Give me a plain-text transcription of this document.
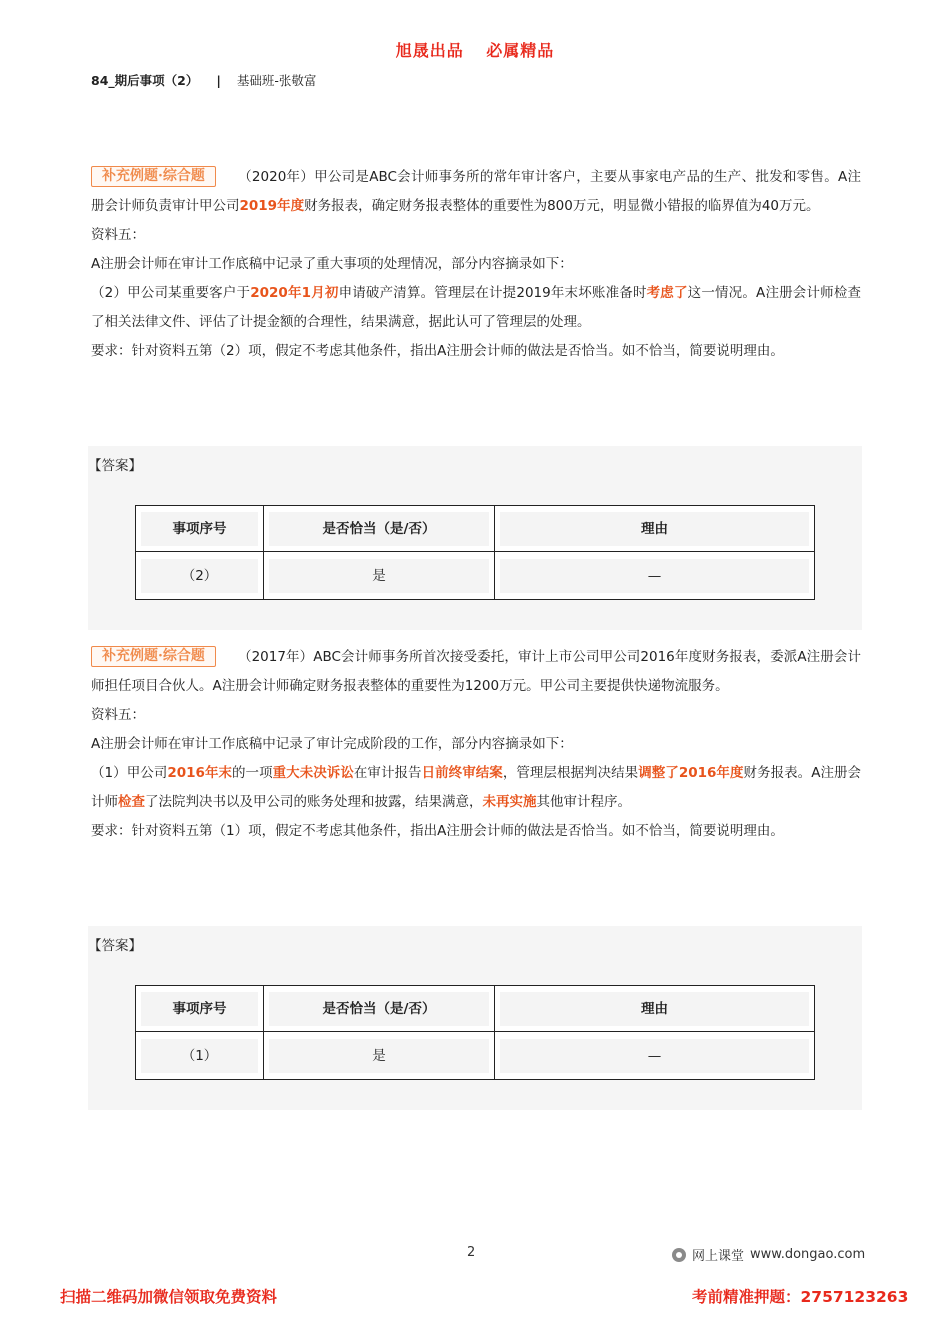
旭晟出品 必属精品
84_期后事项（2） | 基础班-张敬富

补充例题·综合题 （2020年）甲公司是ABC会计师事务所的常年审计客户，主要从事家电产品的生产、批发和零售。A注册会计师负责审计甲公司2019年度财务报表，确定财务报表整体的重要性为800万元，明显微小错报的临界值为40万元。

资料五：

A注册会计师在审计工作底稿中记录了重大事项的处理情况，部分内容摘录如下：

（2）甲公司某重要客户于2020年1月初申请破产清算。管理层在计提2019年末坏账准备时考虑了这一情况。A注册会计师检查了相关法律文件、评估了计提金额的合理性，结果满意，据此认可了管理层的处理。

要求：针对资料五第（2）项，假定不考虑其他条件，指出A注册会计师的做法是否恰当。如不恰当，简要说明理由。

【答案】
事项序号	是否恰当（是/否）	理由

（2）	是	—

补充例题·综合题 （2017年）ABC会计师事务所首次接受委托，审计上市公司甲公司2016年度财务报表，委派A注册会计师担任项目合伙人。A注册会计师确定财务报表整体的重要性为1200万元。甲公司主要提供快递物流服务。

资料五：

A注册会计师在审计工作底稿中记录了审计完成阶段的工作，部分内容摘录如下：

（1）甲公司2016年末的一项重大未决诉讼在审计报告日前终审结案，管理层根据判决结果调整了2016年度财务报表。A注册会计师检查了法院判决书以及甲公司的账务处理和披露，结果满意，未再实施其他审计程序。

要求：针对资料五第（1）项，假定不考虑其他条件，指出A注册会计师的做法是否恰当。如不恰当，简要说明理由。

【答案】
事项序号	是否恰当（是/否）	理由

（1）	是	—
2	网上课堂 www.dongao.com
扫描二维码加微信领取免费资料	考前精准押题：2757123263
